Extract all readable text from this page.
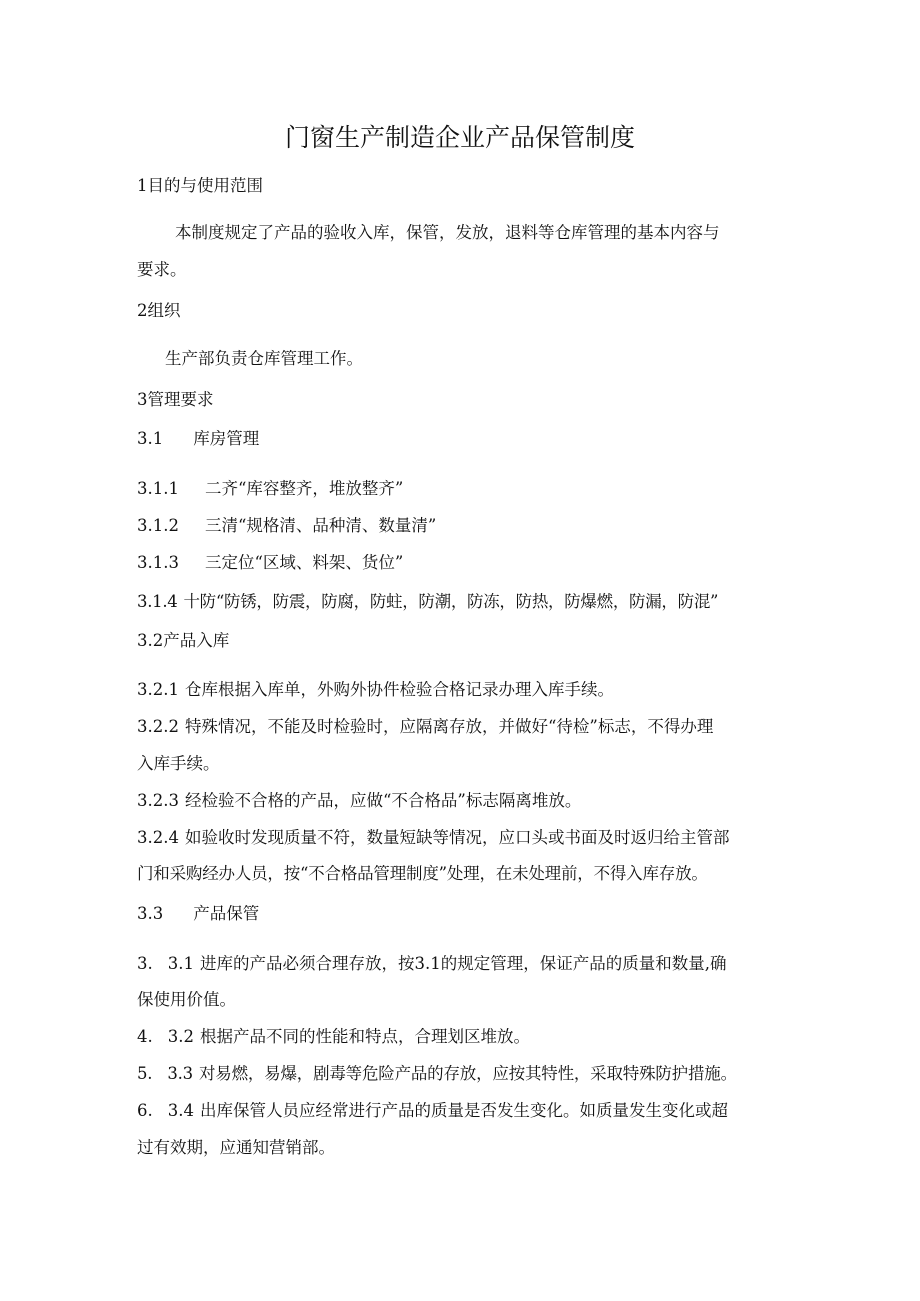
门窗生产制造企业产品保管制度
1目的与使用范围
本制度规定了产品的验收入库，保管，发放，退料等仓库管理的基本内容与
要求。
2组织
生产部负责仓库管理工作。
3管理要求
3.1 库房管理
3.1.1 二齐“库容整齐，堆放整齐”
3.1.2 三清“规格清、品种清、数量清”
3.1.3 三定位“区域、料架、货位”
3.1.4 十防“防锈，防震，防腐，防蛀，防潮，防冻，防热，防爆燃，防漏，防混”
3.2产品入库
3.2.1 仓库根据入库单，外购外协件检验合格记录办理入库手续。
3.2.2 特殊情况，不能及时检验时，应隔离存放，并做好“待检”标志，不得办理
入库手续。
3.2.3 经检验不合格的产品，应做“不合格品”标志隔离堆放。
3.2.4 如验收时发现质量不符，数量短缺等情况，应口头或书面及时返归给主管部
门和采购经办人员，按“不合格品管理制度”处理，在未处理前，不得入库存放。
3.3 产品保管
3. 3.1 进库的产品必须合理存放，按3.1的规定管理，保证产品的质量和数量,确
保使用价值。
4. 3.2 根据产品不同的性能和特点，合理划区堆放。
5. 3.3 对易燃，易爆，剧毒等危险产品的存放，应按其特性，采取特殊防护措施。
6. 3.4 出库保管人员应经常进行产品的质量是否发生变化。如质量发生变化或超
过有效期，应通知营销部。
